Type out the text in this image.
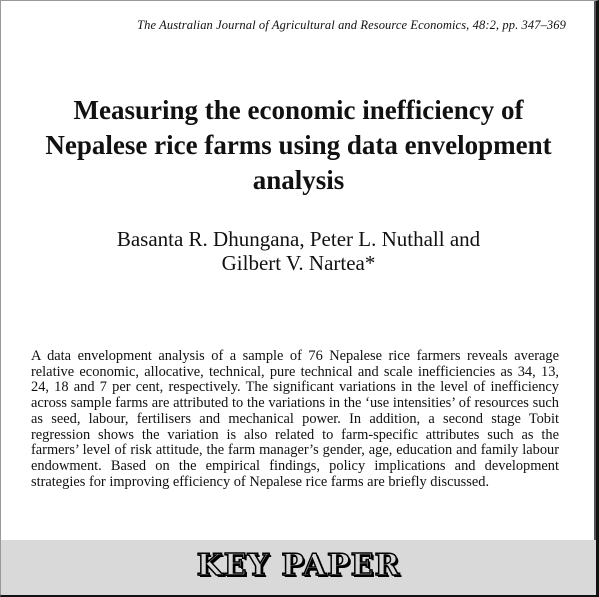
The Australian Journal of Agricultural and Resource Economics, 48:2, pp. 347–369
Measuring the economic inefficiency of
Nepalese rice farms using data envelopment
analysis
Basanta R. Dhungana, Peter L. Nuthall and
Gilbert V. Nartea*
A data envelopment analysis of a sample of 76 Nepalese rice farmers reveals average relative economic, allocative, technical, pure technical and scale inefficiencies as 34, 13, 24, 18 and 7 per cent, respectively. The significant variations in the level of inefficiency across sample farms are attributed to the variations in the ‘use intensities’ of resources such as seed, labour, fertilisers and mechanical power. In addition, a second stage Tobit regression shows the variation is also related to farm-specific attributes such as the farmers’ level of risk attitude, the farm manager’s gender, age, education and family labour endowment. Based on the empirical findings, policy implications and development strategies for improving efficiency of Nepalese rice farms are briefly discussed.
KEY PAPER
